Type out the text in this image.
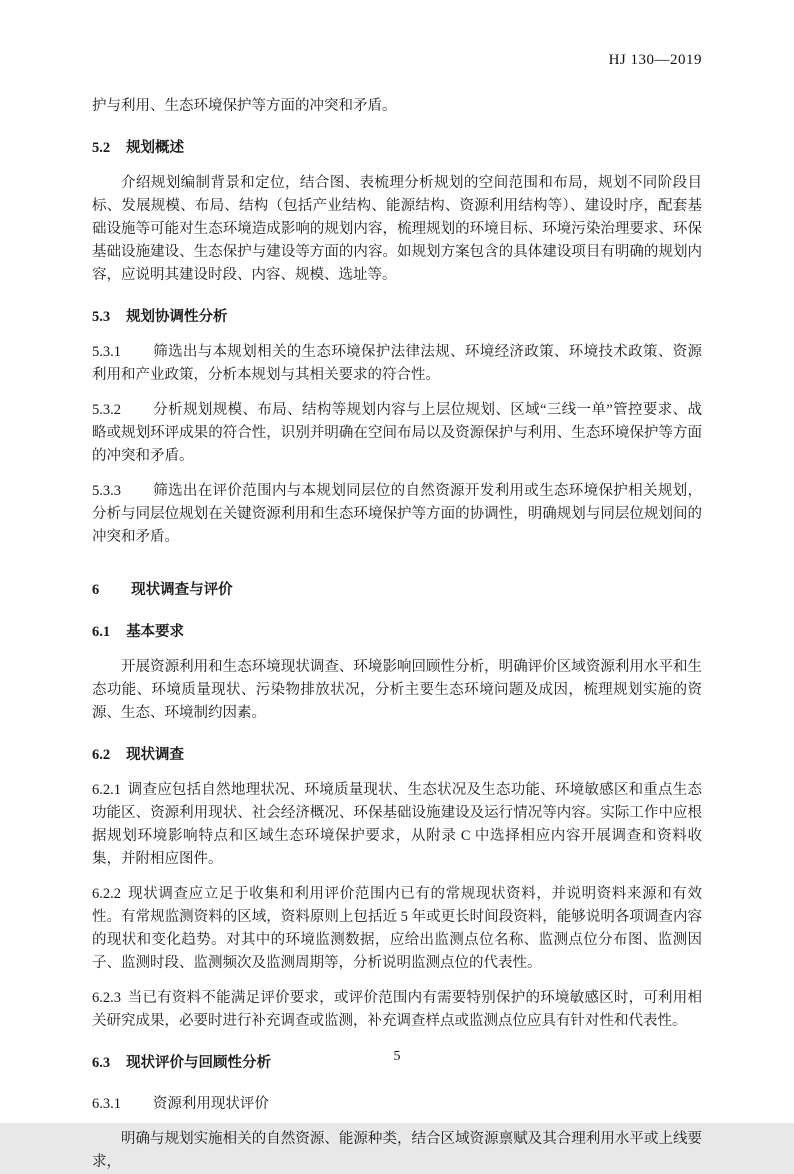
HJ 130—2019

护与利用、生态环境保护等方面的冲突和矛盾。

5.2 规划概述

介绍规划编制背景和定位，结合图、表梳理分析规划的空间范围和布局，规划不同阶段目标、发展规模、布局、结构（包括产业结构、能源结构、资源利用结构等）、建设时序，配套基础设施等可能对生态环境造成影响的规划内容，梳理规划的环境目标、环境污染治理要求、环保基础设施建设、生态保护与建设等方面的内容。如规划方案包含的具体建设项目有明确的规划内容，应说明其建设时段、内容、规模、选址等。

5.3 规划协调性分析

5.3.1 筛选出与本规划相关的生态环境保护法律法规、环境经济政策、环境技术政策、资源利用和产业政策，分析本规划与其相关要求的符合性。

5.3.2 分析规划规模、布局、结构等规划内容与上层位规划、区域“三线一单”管控要求、战略或规划环评成果的符合性，识别并明确在空间布局以及资源保护与利用、生态环境保护等方面的冲突和矛盾。

5.3.3 筛选出在评价范围内与本规划同层位的自然资源开发利用或生态环境保护相关规划，分析与同层位规划在关键资源利用和生态环境保护等方面的协调性，明确规划与同层位规划间的冲突和矛盾。

6 现状调查与评价
6.1 基本要求

开展资源利用和生态环境现状调查、环境影响回顾性分析，明确评价区域资源利用水平和生态功能、环境质量现状、污染物排放状况，分析主要生态环境问题及成因，梳理规划实施的资源、生态、环境制约因素。

6.2 现状调查

6.2.1 调查应包括自然地理状况、环境质量现状、生态状况及生态功能、环境敏感区和重点生态功能区、资源利用现状、社会经济概况、环保基础设施建设及运行情况等内容。实际工作中应根据规划环境影响特点和区域生态环境保护要求，从附录 C 中选择相应内容开展调查和资料收集，并附相应图件。

6.2.2 现状调查应立足于收集和利用评价范围内已有的常规现状资料，并说明资料来源和有效性。有常规监测资料的区域，资料原则上包括近 5 年或更长时间段资料，能够说明各项调查内容的现状和变化趋势。对其中的环境监测数据，应给出监测点位名称、监测点位分布图、监测因子、监测时段、监测频次及监测周期等，分析说明监测点位的代表性。

6.2.3 当已有资料不能满足评价要求，或评价范围内有需要特别保护的环境敏感区时，可利用相关研究成果，必要时进行补充调查或监测，补充调查样点或监测点位应具有针对性和代表性。

6.3 现状评价与回顾性分析
6.3.1 资源利用现状评价

明确与规划实施相关的自然资源、能源种类，结合区域资源禀赋及其合理利用水平或上线要求，

5
